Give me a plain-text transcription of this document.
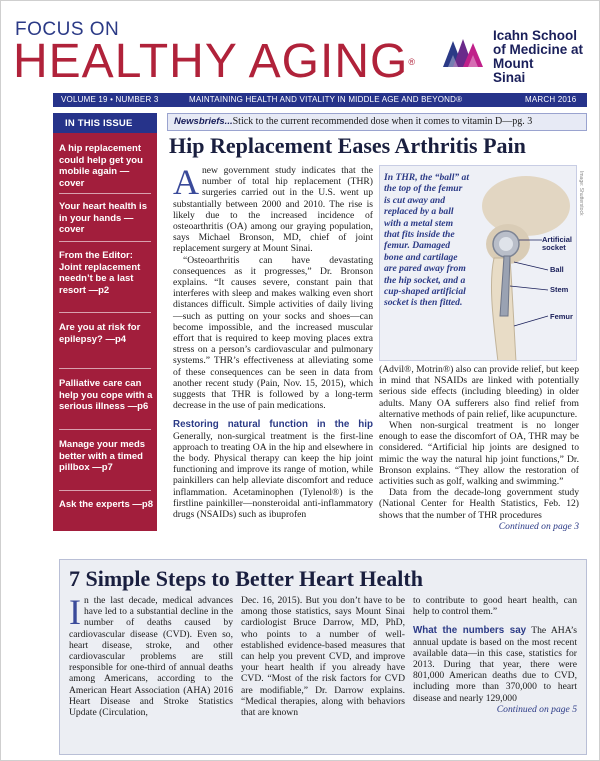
FOCUS ON
HEALTHY AGING®
Icahn School
of Medicine at
Mount
Sinai
VOLUME 19 • NUMBER 3	MAINTAINING HEALTH AND VITALITY IN MIDDLE AGE AND BEYOND®	MARCH 2016
IN THIS ISSUE
A hip replacement could help get you mobile again —cover
Your heart health is in your hands —cover
From the Editor: Joint replacement needn’t be a last resort —p2
Are you at risk for epilepsy? —p4
Palliative care can help you cope with a serious illness —p6
Manage your meds better with a timed pillbox —p7
Ask the experts —p8
Newsbriefs...Stick to the current recommended dose when it comes to vitamin D—pg. 3
Hip Replacement Eases Arthritis Pain

Anew government study indicates that the number of total hip replacement (THR) surgeries carried out in the U.S. went up substantially between 2000 and 2010. The rise is likely due to the increased incidence of osteoarthritis (OA) among our graying population, says Michael Bronson, MD, chief of joint replacement surgery at Mount Sinai.

“Osteoarthritis can have devastating consequences as it progresses,” Dr. Bronson explains. “It causes severe, constant pain that interferes with sleep and makes walking even short distances difficult. Simple activities of daily living—such as putting on your socks and shoes—can become impossible, and the increased muscular effort that is required to keep moving places extra stress on a person’s cardiovascular and pulmonary systems.” THR’s effectiveness at alleviating some of these consequences can be seen in data from another recent study (Pain, Nov. 15, 2015), which suggests that THR is followed by a long-term decrease in the use of pain medications.

Restoring natural function in the hip Generally, non-surgical treatment is the first-line approach to treating OA in the hip and elsewhere in the body. Physical therapy can keep the hip joint functioning and improve its range of motion, while painkillers can help alleviate discomfort and reduce inflammation. Acetaminophen (Tylenol®) is the firstline painkiller—nonsteroidal anti-inflammatory drugs (NSAIDs) such as ibuprofen

In THR, the “ball” at the top of the femur is cut away and replaced by a ball with a metal stem that fits inside the femur. Damaged bone and cartilage are pared away from the hip socket, and a cup-shaped artificial socket is then fitted.
Artificial socket
Ball
Stem
Femur
Image: Shutterstock

(Advil®, Motrin®) also can provide relief, but keep in mind that NSAIDs are linked with potentially serious side effects (including bleeding) in older adults. Many OA sufferers also find relief from alternative methods of pain relief, like acupuncture.

When non-surgical treatment is no longer enough to ease the discomfort of OA, THR may be considered. “Artificial hip joints are designed to mimic the way the natural hip joint functions,” Dr. Bronson explains. “They allow the restoration of activities such as golf, walking and swimming.”

Data from the decade-long government study (National Center for Health Statistics, Feb. 12) shows that the number of THR procedures

Continued on page 3

7 Simple Steps to Better Heart Health

In the last decade, medical advances have led to a substantial decline in the number of deaths caused by cardiovascular disease (CVD). Even so, heart disease, stroke, and other cardiovascular problems are still responsible for one-third of annual deaths among Americans, according to the American Heart Association (AHA) 2016 Heart Disease and Stroke Statistics Update (Circulation,

Dec. 16, 2015). But you don’t have to be among those statistics, says Mount Sinai cardiologist Bruce Darrow, MD, PhD, who points to a number of well-established evidence-based measures that can help you prevent CVD, and improve your heart health if you already have CVD. “Most of the risk factors for CVD are modifiable,” Dr. Darrow explains. “Medical therapies, along with behaviors that are known

to contribute to good heart health, can help to control them.”

What the numbers say The AHA’s annual update is based on the most recent available data—in this case, statistics for 2013. During that year, there were 801,000 American deaths due to CVD, including more than 370,000 to heart disease and nearly 129,000

Continued on page 5
